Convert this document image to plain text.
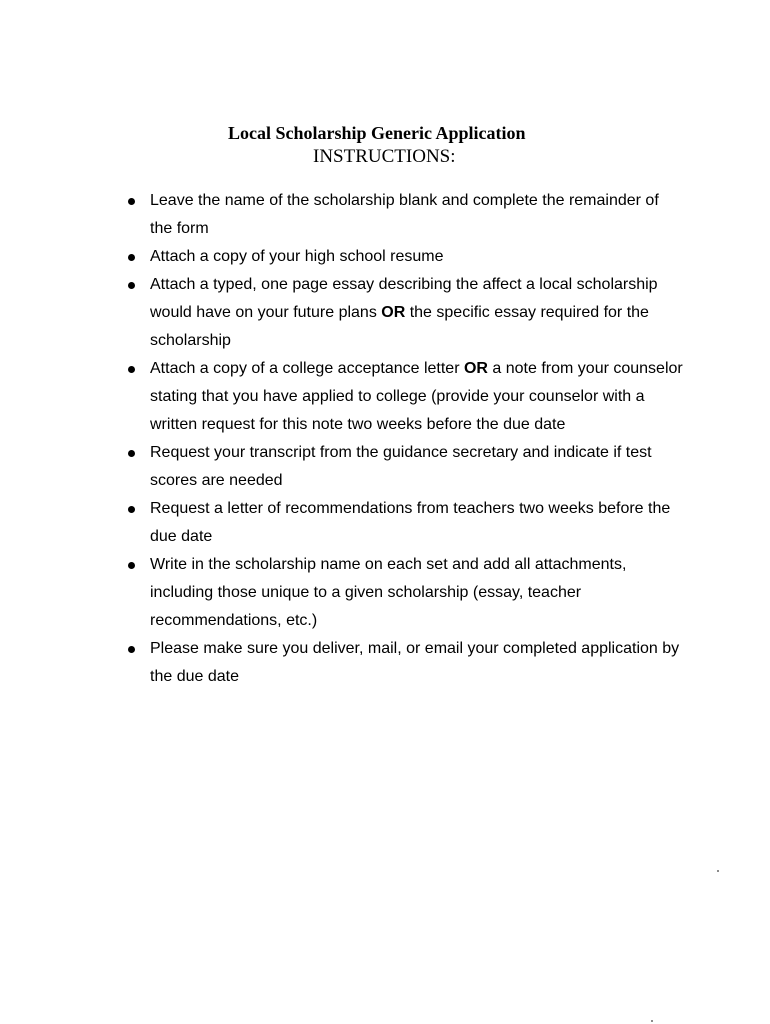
Local Scholarship Generic Application
INSTRUCTIONS:
Leave the name of the scholarship blank and complete the remainder of the form
Attach a copy of your high school resume
Attach a typed, one page essay describing the affect a local scholarship would have on your future plans OR the specific essay required for the scholarship
Attach a copy of a college acceptance letter OR a note from your counselor stating that you have applied to college (provide your counselor with a written request for this note two weeks before the due date
Request your transcript from the guidance secretary and indicate if test scores are needed
Request a letter of recommendations from teachers two weeks before the due date
Write in the scholarship name on each set and add all attachments, including those unique to a given scholarship (essay, teacher recommendations, etc.)
Please make sure you deliver, mail, or email your completed application by the due date
